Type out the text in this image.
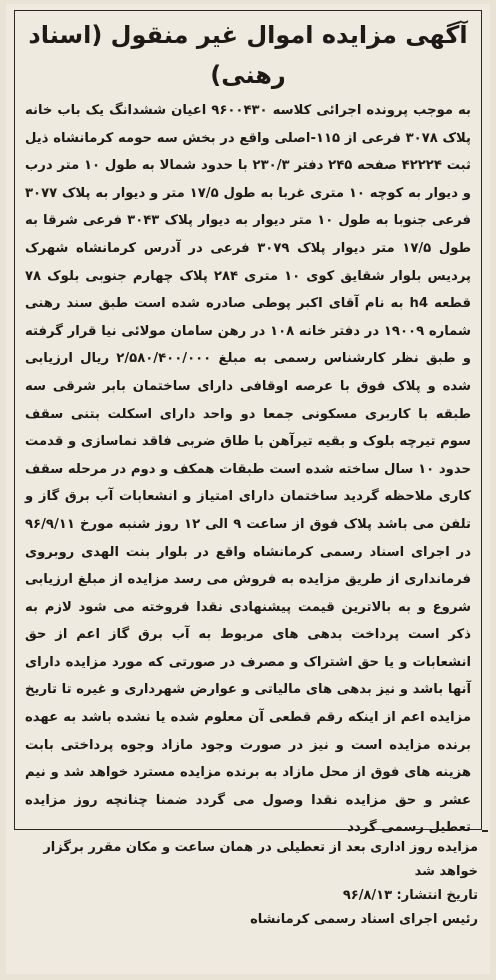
آگهی مزایده اموال غیر منقول (اسناد رهنی)
به موجب پرونده اجرائی کلاسه ۹۶۰۰۴۳۰ اعیان ششدانگ یک باب خانه پلاک ۳۰۷۸ فرعی از ۱۱۵-اصلی واقع در بخش سه حومه کرمانشاه ذیل ثبت ۴۲۲۲۴ صفحه ۲۴۵ دفتر ۲۳۰/۳ با حدود شمالا به طول ۱۰ متر درب و دیوار به کوچه ۱۰ متری غربا به طول ۱۷/۵ متر و دیوار به پلاک ۳۰۷۷ فرعی جنوبا به طول ۱۰ متر دیوار به دیوار پلاک ۳۰۴۳ فرعی شرقا به طول ۱۷/۵ متر دیوار پلاک ۳۰۷۹ فرعی در آدرس کرمانشاه شهرک پردیس بلوار شقایق کوی ۱۰ متری ۲۸۴ پلاک چهارم جنوبی بلوک ۷۸ قطعه h4 به نام آقای اکبر پوطی صادره شده است طبق سند رهنی شماره ۱۹۰۰۹ در دفتر خانه ۱۰۸ در رهن سامان مولائی نیا قرار گرفته و طبق نظر کارشناس رسمی به مبلغ ۲/۵۸۰/۴۰۰/۰۰۰ ریال ارزیابی شده و پلاک فوق با عرصه اوقافی دارای ساختمان بابر شرقی سه طبقه با کاربری مسکونی جمعا دو واحد دارای اسکلت بتنی سقف سوم تیرچه بلوک و بقیه تیرآهن با طاق ضربی فاقد نماسازی و قدمت حدود ۱۰ سال ساخته شده است طبقات همکف و دوم در مرحله سقف کاری ملاحظه گردید ساختمان دارای امتیاز و انشعابات آب برق گاز و تلفن می باشد پلاک فوق از ساعت ۹ الی ۱۲ روز شنبه مورخ ۹۶/۹/۱۱ در اجرای اسناد رسمی کرمانشاه واقع در بلوار بنت الهدی روبروی فرمانداری از طریق مزایده به فروش می رسد مزایده از مبلغ ارزیابی شروع و به بالاترین قیمت پیشنهادی نقدا فروخته می شود لازم به ذکر است پرداخت بدهی های مربوط به آب برق گاز اعم از حق انشعابات و یا حق اشتراک و مصرف در صورتی که مورد مزایده دارای آنها باشد و نیز بدهی های مالیاتی و عوارض شهرداری و غیره تا تاریخ مزایده اعم از اینکه رقم قطعی آن معلوم شده یا نشده باشد به عهده برنده مزایده است و نیز در صورت وجود مازاد وجوه پرداختی بابت هزینه های فوق از محل مازاد به برنده مزایده مسترد خواهد شد و نیم عشر و حق مزایده نقدا وصول می گردد ضمنا چنانچه روز مزایده تعطیل رسمی گردد
مزایده روز اداری بعد از تعطیلی در همان ساعت و مکان مقرر برگزار خواهد شد
تاریخ انتشار: ۹۶/۸/۱۳
رئیس اجرای اسناد رسمی کرمانشاه
